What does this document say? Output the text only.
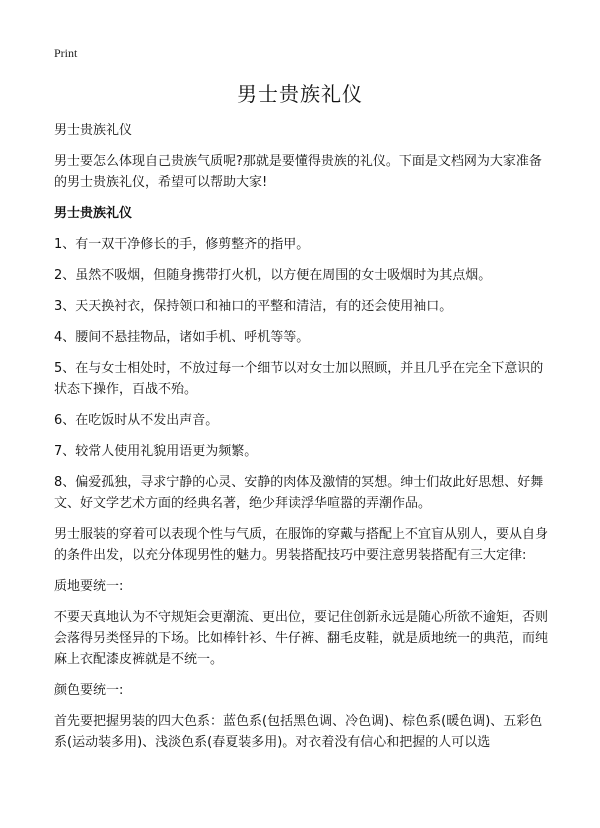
Print
男士贵族礼仪

男士贵族礼仪

男士要怎么体现自己贵族气质呢?那就是要懂得贵族的礼仪。下面是文档网为大家准备的男士贵族礼仪，希望可以帮助大家!

男士贵族礼仪

1、有一双干净修长的手，修剪整齐的指甲。

2、虽然不吸烟，但随身携带打火机，以方便在周围的女士吸烟时为其点烟。

3、天天换衬衣，保持领口和袖口的平整和清洁，有的还会使用袖口。

4、腰间不悬挂物品，诸如手机、呼机等等。

5、在与女士相处时，不放过每一个细节以对女士加以照顾，并且几乎在完全下意识的状态下操作，百战不殆。

6、在吃饭时从不发出声音。

7、较常人使用礼貌用语更为频繁。

8、偏爱孤独，寻求宁静的心灵、安静的肉体及激情的冥想。绅士们故此好思想、好舞文、好文学艺术方面的经典名著，绝少拜读浮华喧嚣的弄潮作品。

男士服装的穿着可以表现个性与气质，在服饰的穿戴与搭配上不宜盲从别人，要从自身的条件出发，以充分体现男性的魅力。男装搭配技巧中要注意男装搭配有三大定律:

质地要统一:

不要天真地认为不守规矩会更潮流、更出位，要记住创新永远是随心所欲不逾矩，否则会落得另类怪异的下场。比如棒针衫、牛仔裤、翻毛皮鞋，就是质地统一的典范，而纯麻上衣配漆皮裤就是不统一。

颜色要统一:

首先要把握男装的四大色系：蓝色系(包括黑色调、冷色调)、棕色系(暖色调)、五彩色系(运动装多用)、浅淡色系(春夏装多用)。对衣着没有信心和把握的人可以选
